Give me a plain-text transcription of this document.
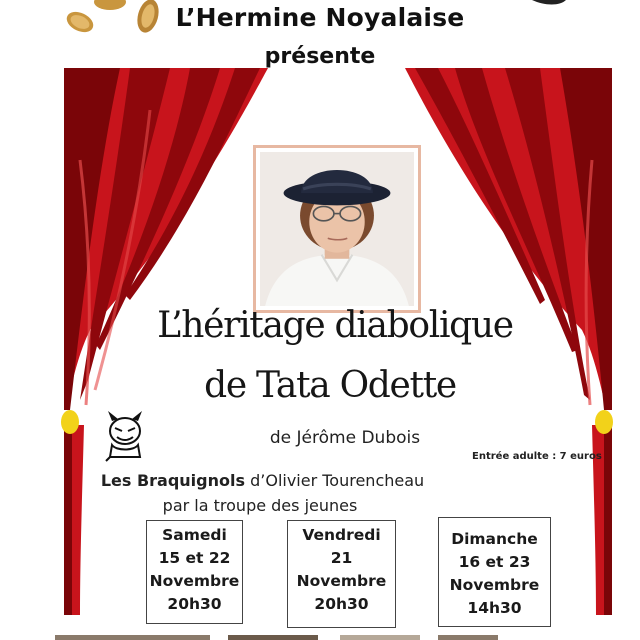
L’Hermine Noyalaise
présente
L’héritage diabolique
de Tata Odette
de Jérôme Dubois
Entrée adulte : 7 euros
Les Braquignols d’Olivier Tourencheau
par la troupe des jeunes
Samedi
15 et 22
Novembre
20h30
Vendredi
21
Novembre
20h30
Dimanche
16 et 23
Novembre
14h30
